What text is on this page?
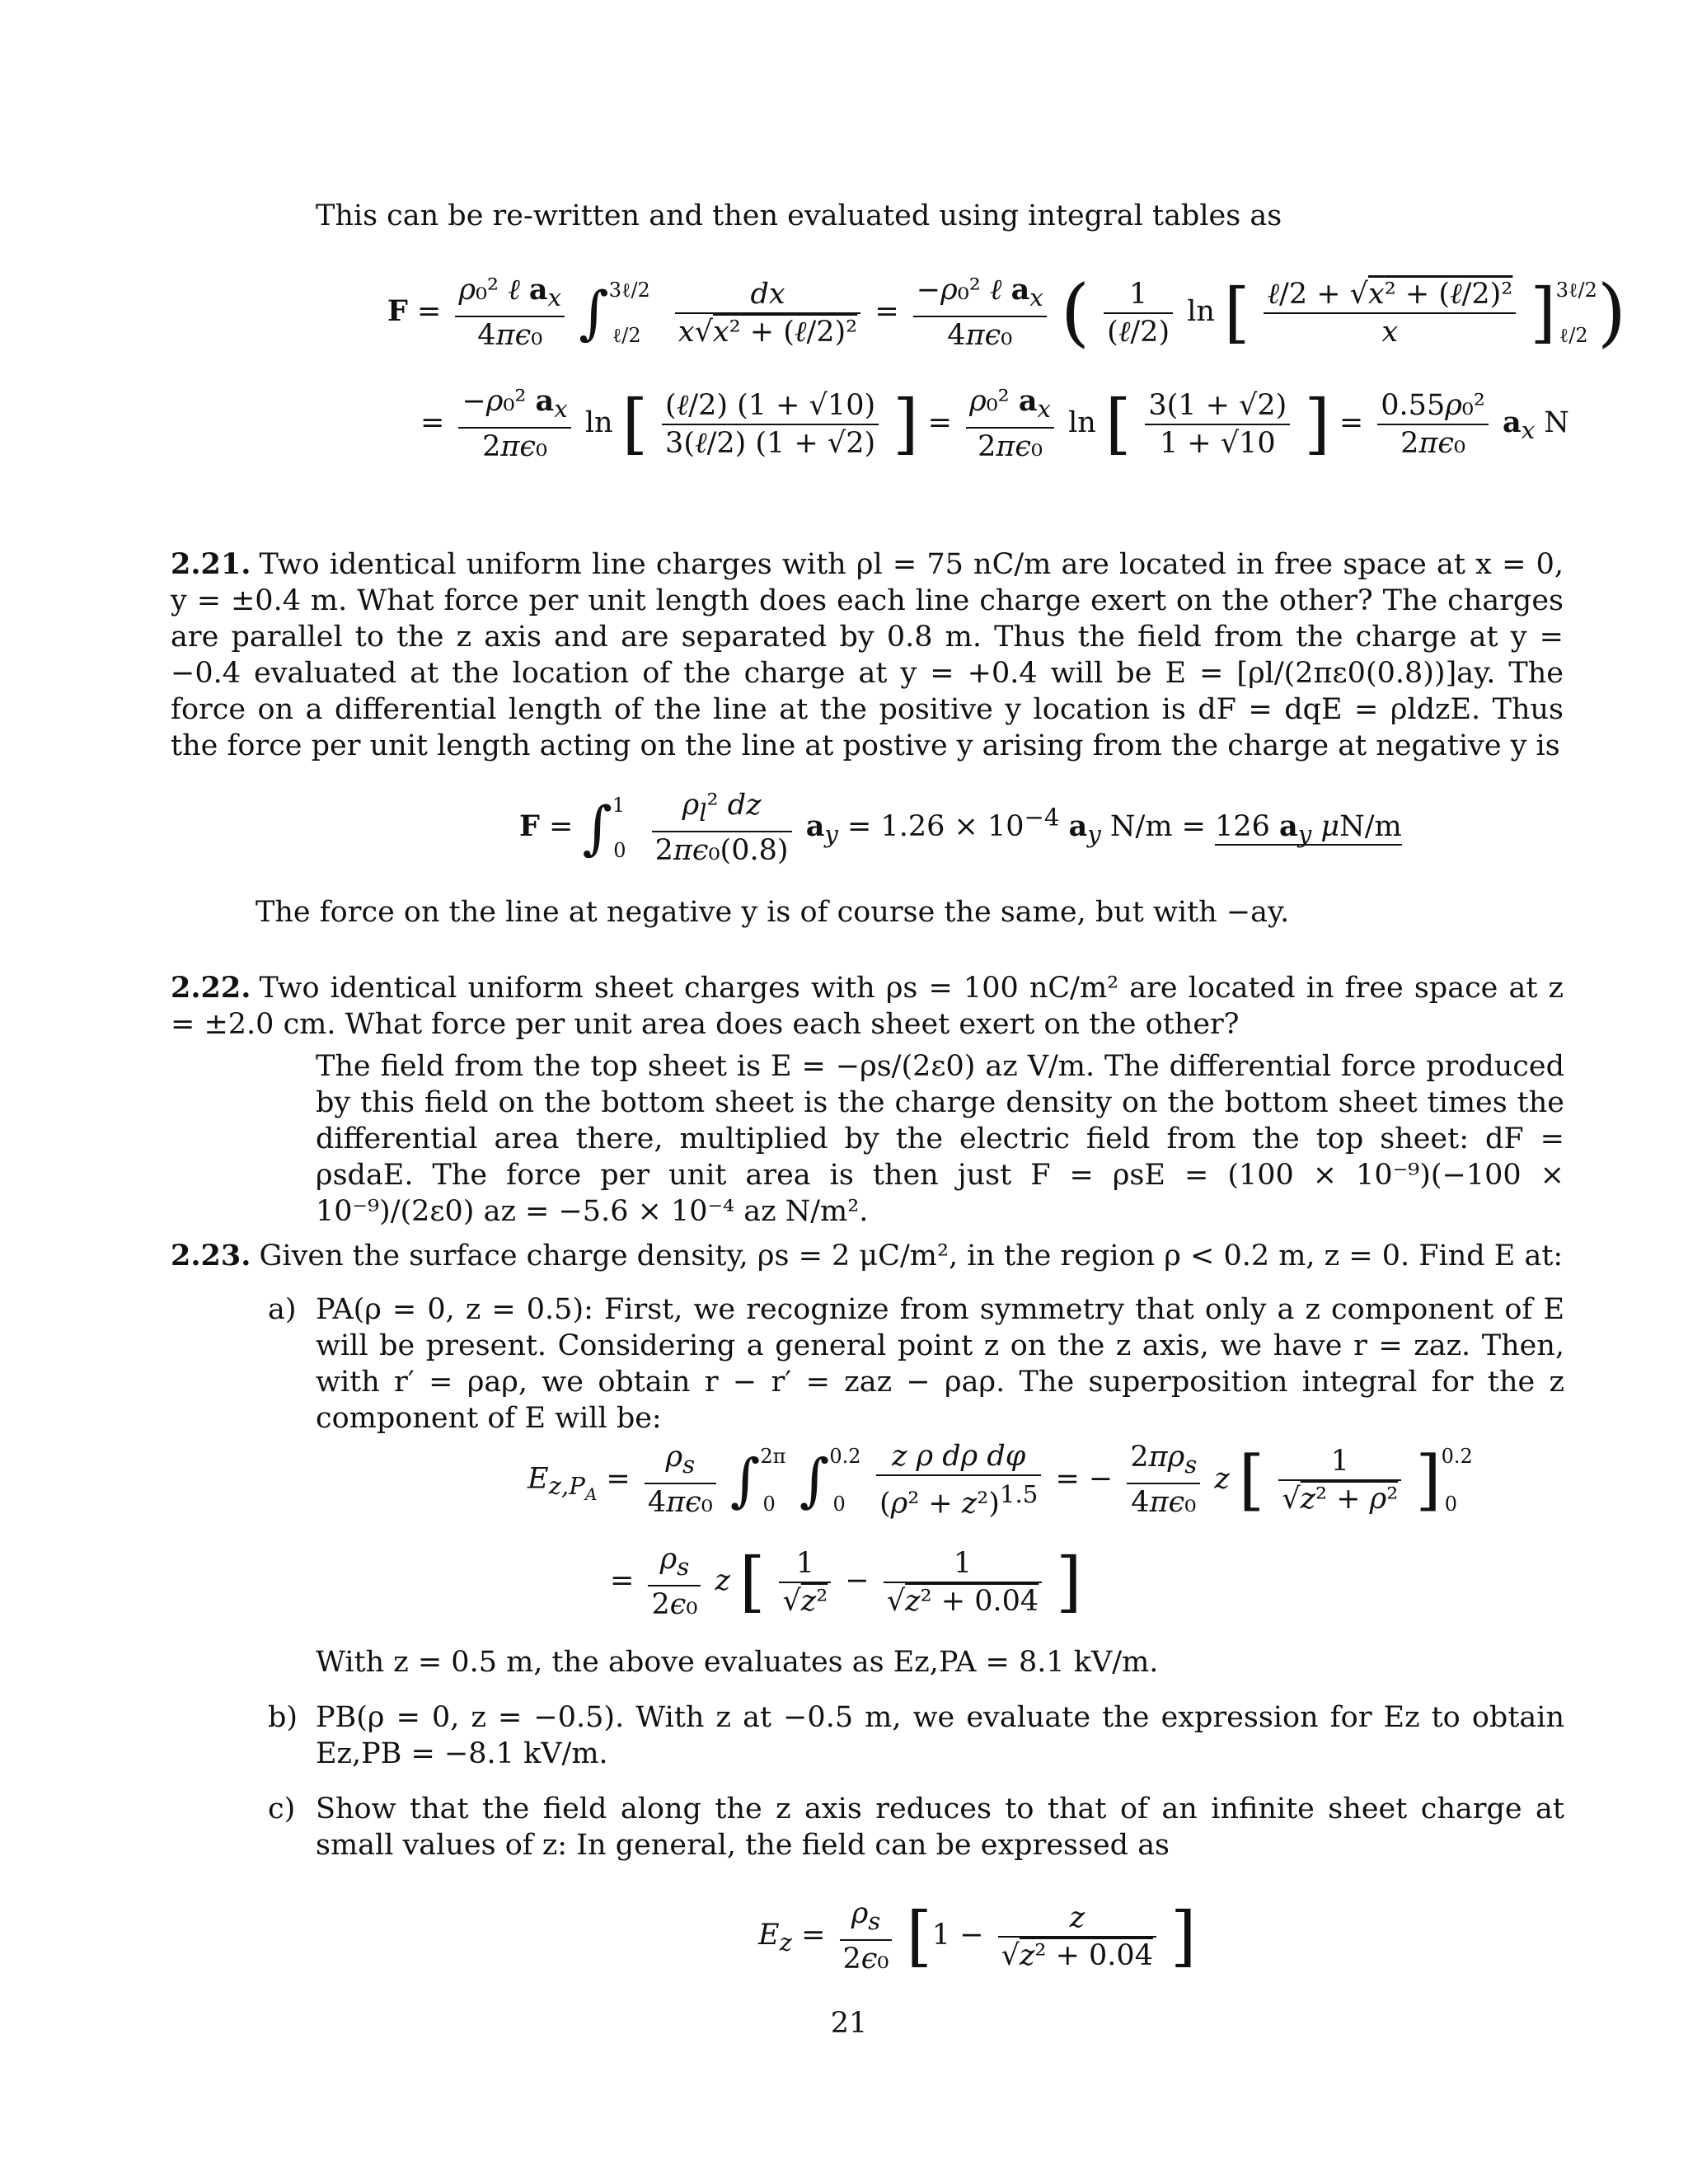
This can be re-written and then evaluated using integral tables as

$F = \frac{\rho_0^2 \ell a_x}{\text{4πϵ₀}}$ ∫$^{3\ell/2}$ℓ/2 $\frac{dx}{\text{x√x² + (ℓ/2)²}} = \frac{-\rho_0^2 \ell a_x}{\text{4πϵ₀}}$ ( $\frac{1}{\text{(ℓ/2)}}$ ln [ $\frac{\text{ℓ/2 + √x² + (ℓ/2)²}}{x}$ ]$^{3\ell/2}$ℓ/2 )
= $\frac{-\rho_0^2 a_x}{\text{2πϵ₀}}$ ln [ $\frac{\text{(ℓ/2) (1 + √10)}}{\text{3(ℓ/2) (1 + √2)}}$ ] = $\frac{\rho_0^2 a_x}{\text{2πϵ₀}}$ ln [ $\frac{3(1 + √2)}{1 + √10}$ ] = $\frac{\text{0.55ρ₀²}}{\text{2πϵ₀}} a_x$ N

2.21. Two identical uniform line charges with ρl = 75 nC/m are located in free space at x = 0, y = ±0.4 m. What force per unit length does each line charge exert on the other? The charges are parallel to the z axis and are separated by 0.8 m. Thus the field from the charge at y = −0.4 evaluated at the location of the charge at y = +0.4 will be E = [ρl/(2πε0(0.8))]ay. The force on a differential length of the line at the positive y location is dF = dqE = ρldzE. Thus the force per unit length acting on the line at postive y arising from the charge at negative y is

$F = \int^10 \frac{\rho_l^2 dz}{\text{2πϵ₀(0.8)}} a_y = 1.26 \times 10^{-4}$ $a_y$ N/m = 126 $a_y$ μN/m

The force on the line at negative y is of course the same, but with −ay.

2.22. Two identical uniform sheet charges with ρs = 100 nC/m² are located in free space at z = ±2.0 cm. What force per unit area does each sheet exert on the other?

The field from the top sheet is E = −ρs/(2ε0) az V/m. The differential force produced by this field on the bottom sheet is the charge density on the bottom sheet times the differential area there, multiplied by the electric field from the top sheet: dF = ρsdaE. The force per unit area is then just F = ρsE = (100 × 10⁻⁹)(−100 × 10⁻⁹)/(2ε0) az = −5.6 × 10⁻⁴ az N/m².

2.23. Given the surface charge density, ρs = 2 μC/m², in the region ρ < 0.2 m, z = 0. Find E at:

a) PA(ρ = 0, z = 0.5): First, we recognize from symmetry that only a z component of E will be present. Considering a general point z on the z axis, we have r = zaz. Then, with r′ = ρaρ, we obtain r − r′ = zaz − ρaρ. The superposition integral for the z component of E will be:

$E_{z,P_A} = \frac{\rho_s}{\text{4πϵ₀}} \int^{2\pi}0$ $\int^{0.2}0 \frac{\text{z ρ dρ dφ}}{(\rho^2 + z^2)^{1.5}}$ = − $\frac{2\pi\rho_s}{\text{4πϵ₀}}$ z [ $\frac{1}{\text{√z² + ρ²}} ]^{0.2}0$
= $\frac{\rho_s}{\text{2ϵ₀}}$ z [ $\frac{1}{\text{√z²}} - \frac{1}{\text{√z² + 0.04}}$ ]

With z = 0.5 m, the above evaluates as Ez,PA = 8.1 kV/m.

b) PB(ρ = 0, z = −0.5). With z at −0.5 m, we evaluate the expression for Ez to obtain Ez,PB = −8.1 kV/m.

c) Show that the field along the z axis reduces to that of an infinite sheet charge at small values of z: In general, the field can be expressed as

$E_z = \frac{\rho_s}{\text{2ϵ₀}} [1 - \frac{z}{\text{√z² + 0.04}}$ ]
21
